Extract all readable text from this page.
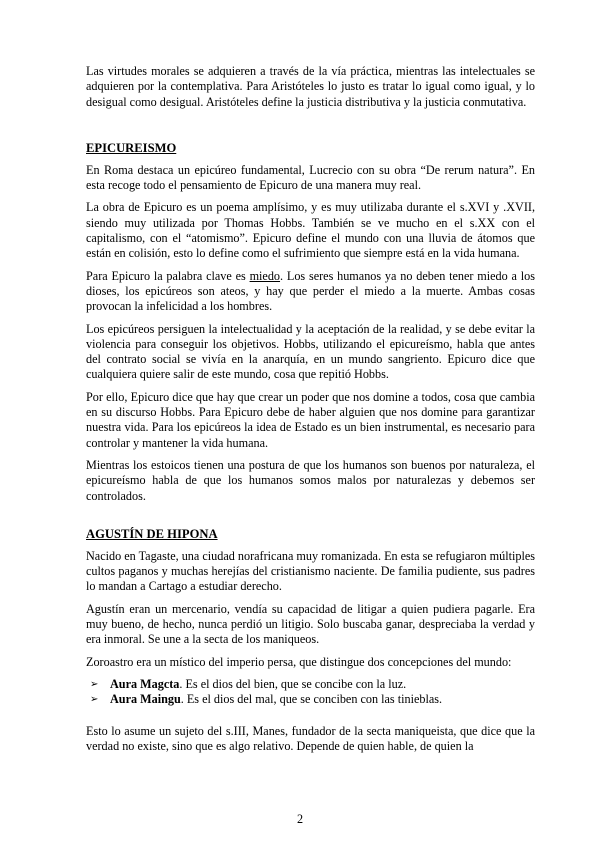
Las virtudes morales se adquieren a través de la vía práctica, mientras las intelectuales se adquieren por la contemplativa. Para Aristóteles lo justo es tratar lo igual como igual, y lo desigual como desigual. Aristóteles define la justicia distributiva y la justicia conmutativa.

EPICUREISMO

En Roma destaca un epicúreo fundamental, Lucrecio con su obra “De rerum natura”. En esta recoge todo el pensamiento de Epicuro de una manera muy real.

La obra de Epicuro es un poema amplísimo, y es muy utilizaba durante el s.XVI y .XVII, siendo muy utilizada por Thomas Hobbs. También se ve mucho en el s.XX con el capitalismo, con el “atomismo”. Epicuro define el mundo con una lluvia de átomos que están en colisión, esto lo define como el sufrimiento que siempre está en la vida humana.

Para Epicuro la palabra clave es miedo. Los seres humanos ya no deben tener miedo a los dioses, los epicúreos son ateos, y hay que perder el miedo a la muerte. Ambas cosas provocan la infelicidad a los hombres.

Los epicúreos persiguen la intelectualidad y la aceptación de la realidad, y se debe evitar la violencia para conseguir los objetivos. Hobbs, utilizando el epicureísmo, habla que antes del contrato social se vivía en la anarquía, en un mundo sangriento. Epicuro dice que cualquiera quiere salir de este mundo, cosa que repitió Hobbs.

Por ello, Epicuro dice que hay que crear un poder que nos domine a todos, cosa que cambia en su discurso Hobbs. Para Epicuro debe de haber alguien que nos domine para garantizar nuestra vida. Para los epicúreos la idea de Estado es un bien instrumental, es necesario para controlar y mantener la vida humana.

Mientras los estoicos tienen una postura de que los humanos son buenos por naturaleza, el epicureísmo habla de que los humanos somos malos por naturalezas y debemos ser controlados.

AGUSTÍN DE HIPONA

Nacido en Tagaste, una ciudad norafricana muy romanizada. En esta se refugiaron múltiples cultos paganos y muchas herejías del cristianismo naciente. De familia pudiente, sus padres lo mandan a Cartago a estudiar derecho.

Agustín eran un mercenario, vendía su capacidad de litigar a quien pudiera pagarle. Era muy bueno, de hecho, nunca perdió un litigio. Solo buscaba ganar, despreciaba la verdad y era inmoral. Se une a la secta de los maniqueos.

Zoroastro era un místico del imperio persa, que distingue dos concepciones del mundo:

➢ Aura Magcta. Es el dios del bien, que se concibe con la luz.
➢ Aura Maingu. Es el dios del mal, que se conciben con las tinieblas.

Esto lo asume un sujeto del s.III, Manes, fundador de la secta maniqueista, que dice que la verdad no existe, sino que es algo relativo. Depende de quien hable, de quien la

2
